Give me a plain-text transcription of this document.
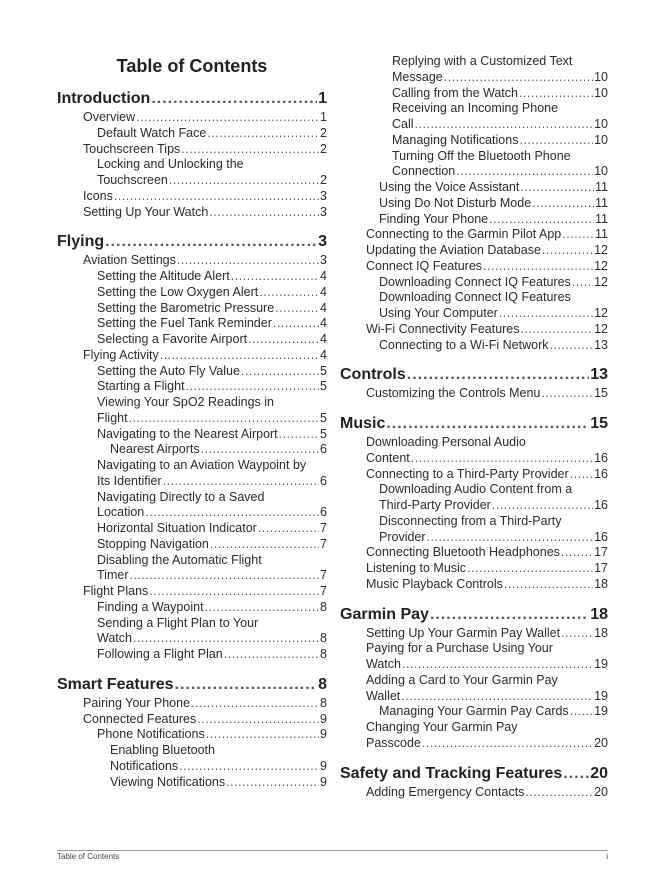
Table of Contents
Introduction .....	1
Overview .....	1
Default Watch Face .....	2
Touchscreen Tips .....	2
Locking and Unlocking the
Touchscreen .....	2
Icons .....	3
Setting Up Your Watch .....	3
Flying .....	3
Aviation Settings .....	3
Setting the Altitude Alert .....	4
Setting the Low Oxygen Alert .....	4
Setting the Barometric Pressure .....	4
Setting the Fuel Tank Reminder .....	4
Selecting a Favorite Airport .....	4
Flying Activity .....	4
Setting the Auto Fly Value .....	5
Starting a Flight .....	5
Viewing Your SpO2 Readings in
Flight .....	5
Navigating to the Nearest Airport .....	5
Nearest Airports .....	6
Navigating to an Aviation Waypoint by
Its Identifier .....	6
Navigating Directly to a Saved
Location .....	6
Horizontal Situation Indicator .....	7
Stopping Navigation .....	7
Disabling the Automatic Flight
Timer .....	7
Flight Plans .....	7
Finding a Waypoint .....	8
Sending a Flight Plan to Your
Watch .....	8
Following a Flight Plan .....	8
Smart Features .....	8
Pairing Your Phone .....	8
Connected Features .....	9
Phone Notifications .....	9
Enabling Bluetooth
Notifications .....	9
Viewing Notifications .....	9
Replying with a Customized Text
Message .....	10
Calling from the Watch .....	10
Receiving an Incoming Phone
Call .....	10
Managing Notifications .....	10
Turning Off the Bluetooth Phone
Connection .....	10
Using the Voice Assistant .....	11
Using Do Not Disturb Mode .....	11
Finding Your Phone .....	11
Connecting to the Garmin Pilot App .....	11
Updating the Aviation Database .....	12
Connect IQ Features .....	12
Downloading Connect IQ Features ..... 12
Downloading Connect IQ Features
Using Your Computer .....	12
Wi-Fi Connectivity Features .....	12
Connecting to a Wi-Fi Network .....	13
Controls .....	13
Customizing the Controls Menu .....	15
Music .....	15
Downloading Personal Audio
Content .....	16
Connecting to a Third-Party Provider ..... 16
Downloading Audio Content from a
Third-Party Provider .....	16
Disconnecting from a Third-Party
Provider .....	16
Connecting Bluetooth Headphones .....	17
Listening to Music .....	17
Music Playback Controls .....	18
Garmin Pay .....	18
Setting Up Your Garmin Pay Wallet .....	18
Paying for a Purchase Using Your
Watch .....	19
Adding a Card to Your Garmin Pay
Wallet .....	19
Managing Your Garmin Pay Cards ..... 19
Changing Your Garmin Pay
Passcode .....	20
Safety and Tracking Features ..... 20
Adding Emergency Contacts .....	20
Table of Contents	i
